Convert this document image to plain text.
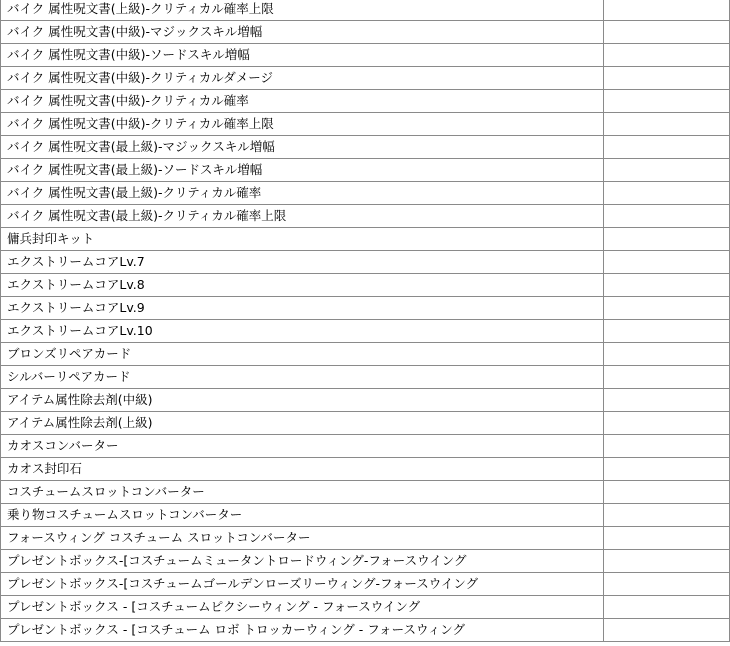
バイク 属性呪文書(上級)-クリティカル確率上限	
バイク 属性呪文書(中級)-マジックスキル増幅	
バイク 属性呪文書(中級)-ソードスキル増幅	
バイク 属性呪文書(中級)-クリティカルダメージ	
バイク 属性呪文書(中級)-クリティカル確率	
バイク 属性呪文書(中級)-クリティカル確率上限	
バイク 属性呪文書(最上級)-マジックスキル増幅	
バイク 属性呪文書(最上級)-ソードスキル増幅	
バイク 属性呪文書(最上級)-クリティカル確率	
バイク 属性呪文書(最上級)-クリティカル確率上限	
傭兵封印キット	
エクストリームコアLv.7	
エクストリームコアLv.8	
エクストリームコアLv.9	
エクストリームコアLv.10	
ブロンズリペアカード	
シルバーリペアカード	
アイテム属性除去剤(中級)	
アイテム属性除去剤(上級)	
カオスコンバーター	
カオス封印石	
コスチュームスロットコンバーター	
乗り物コスチュームスロットコンバーター	
フォースウィング コスチューム スロットコンバーター	
プレゼントボックス-[コスチュームミュータントロードウィング-フォースウイング	
プレゼントボックス-[コスチュームゴールデンローズリーウィング-フォースウイング	
プレゼントボックス - [コスチュームピクシーウィング - フォースウイング	
プレゼントボックス - [コスチューム ロボ トロッカーウィング - フォースウィング	
